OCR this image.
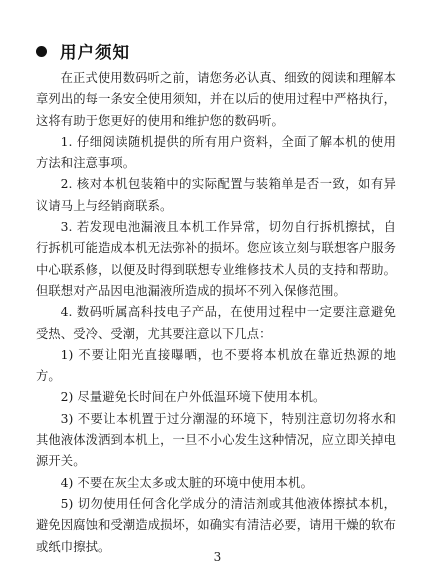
用户须知

在正式使用数码听之前，请您务必认真、细致的阅读和理解本章列出的每一条安全使用须知，并在以后的使用过程中严格执行，这将有助于您更好的使用和维护您的数码听。

1. 仔细阅读随机提供的所有用户资料，全面了解本机的使用方法和注意事项。

2. 核对本机包装箱中的实际配置与装箱单是否一致，如有异议请马上与经销商联系。

3. 若发现电池漏液且本机工作异常，切勿自行拆机擦拭，自行拆机可能造成本机无法弥补的损坏。您应该立刻与联想客户服务中心联系修，以便及时得到联想专业维修技术人员的支持和帮助。但联想对产品因电池漏液所造成的损坏不列入保修范围。

4. 数码听属高科技电子产品，在使用过程中一定要注意避免受热、受冷、受潮，尤其要注意以下几点：

1) 不要让阳光直接曝晒，也不要将本机放在靠近热源的地 方。

2) 尽量避免长时间在户外低温环境下使用本机。

3) 不要让本机置于过分潮湿的环境下，特别注意切勿将水和其他液体泼洒到本机上，一旦不小心发生这种情况，应立即关掉电源开关。

4) 不要在灰尘太多或太脏的环境中使用本机。

5) 切勿使用任何含化学成分的清洁剂或其他液体擦拭本机，避免因腐蚀和受潮造成损坏，如确实有清洁必要，请用干燥的软布或纸巾擦拭。

3
